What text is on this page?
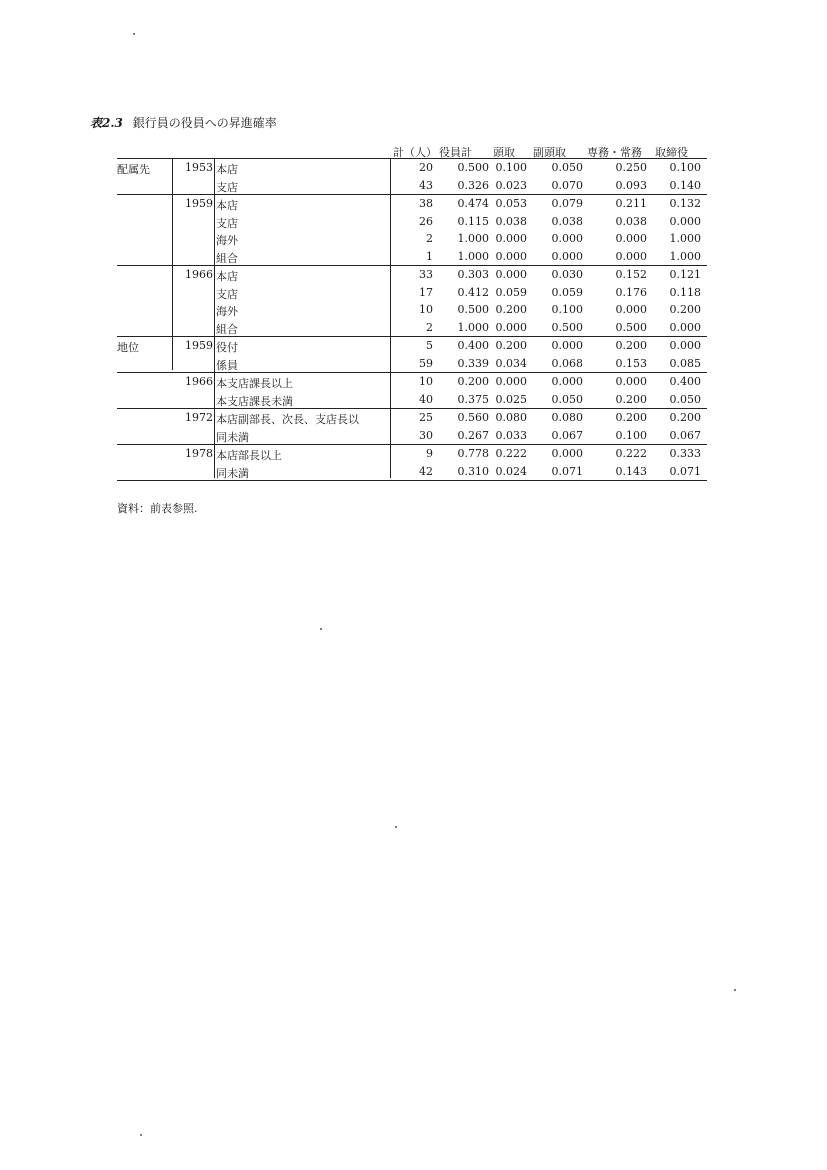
表2.3 銀行員の役員への昇進確率
計（人） 役員計 頭取 副頭取 専務・常務 取締役
配属先	1953 本店	20	0.500 0.100	0.050	0.250	0.100
支店	43	0.326 0.023	0.070	0.093	0.140
1959 本店	38	0.474 0.053	0.079	0.211	0.132
支店	26	0.115 0.038	0.038	0.038	0.000
海外	2	1.000 0.000	0.000	0.000	1.000
組合	1	1.000 0.000	0.000	0.000	1.000
1966 本店	33	0.303 0.000	0.030	0.152	0.121
支店	17	0.412 0.059	0.059	0.176	0.118
海外	10	0.500 0.200	0.100	0.000	0.200
組合	2	1.000 0.000	0.500	0.500	0.000
地位	1959 役付	5	0.400 0.200	0.000	0.200	0.000
係員	59	0.339 0.034	0.068	0.153	0.085
1966 本支店課長以上	10	0.200 0.000	0.000	0.000	0.400
本支店課長未満	40	0.375 0.025	0.050	0.200	0.050
1972 本店副部長、次長、支店長以	25	0.560 0.080	0.080	0.200	0.200
同未満	30	0.267 0.033	0.067	0.100	0.067
1978 本店部長以上	9	0.778 0.222	0.000	0.222	0.333
同未満	42	0.310 0.024	0.071	0.143	0.071
資料：前表参照.
